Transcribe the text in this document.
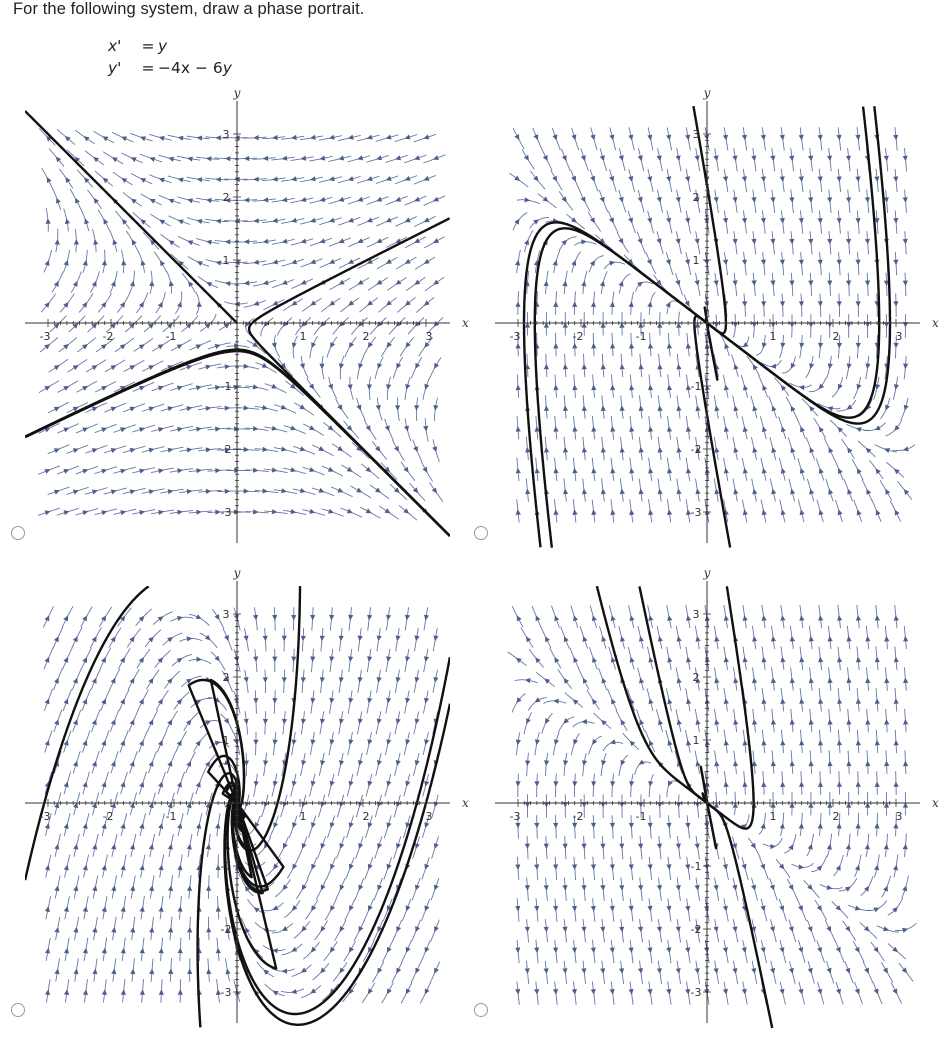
For the following system, draw a phase portrait.
x' = y
y' = −4x − 6y
-3	-2	-1	1	2	3
3
2
1
-1
-2
-3
x
y
-3	-2	-1	1	2	3
3
2
1
-1
-2
-3
x
y
-3	-2	-1	1	2	3
3
2
1
-1
-2
-3
x
y
-3	-2	-1	1	2	3
3
2
1
-1
-2
-3
x
y
